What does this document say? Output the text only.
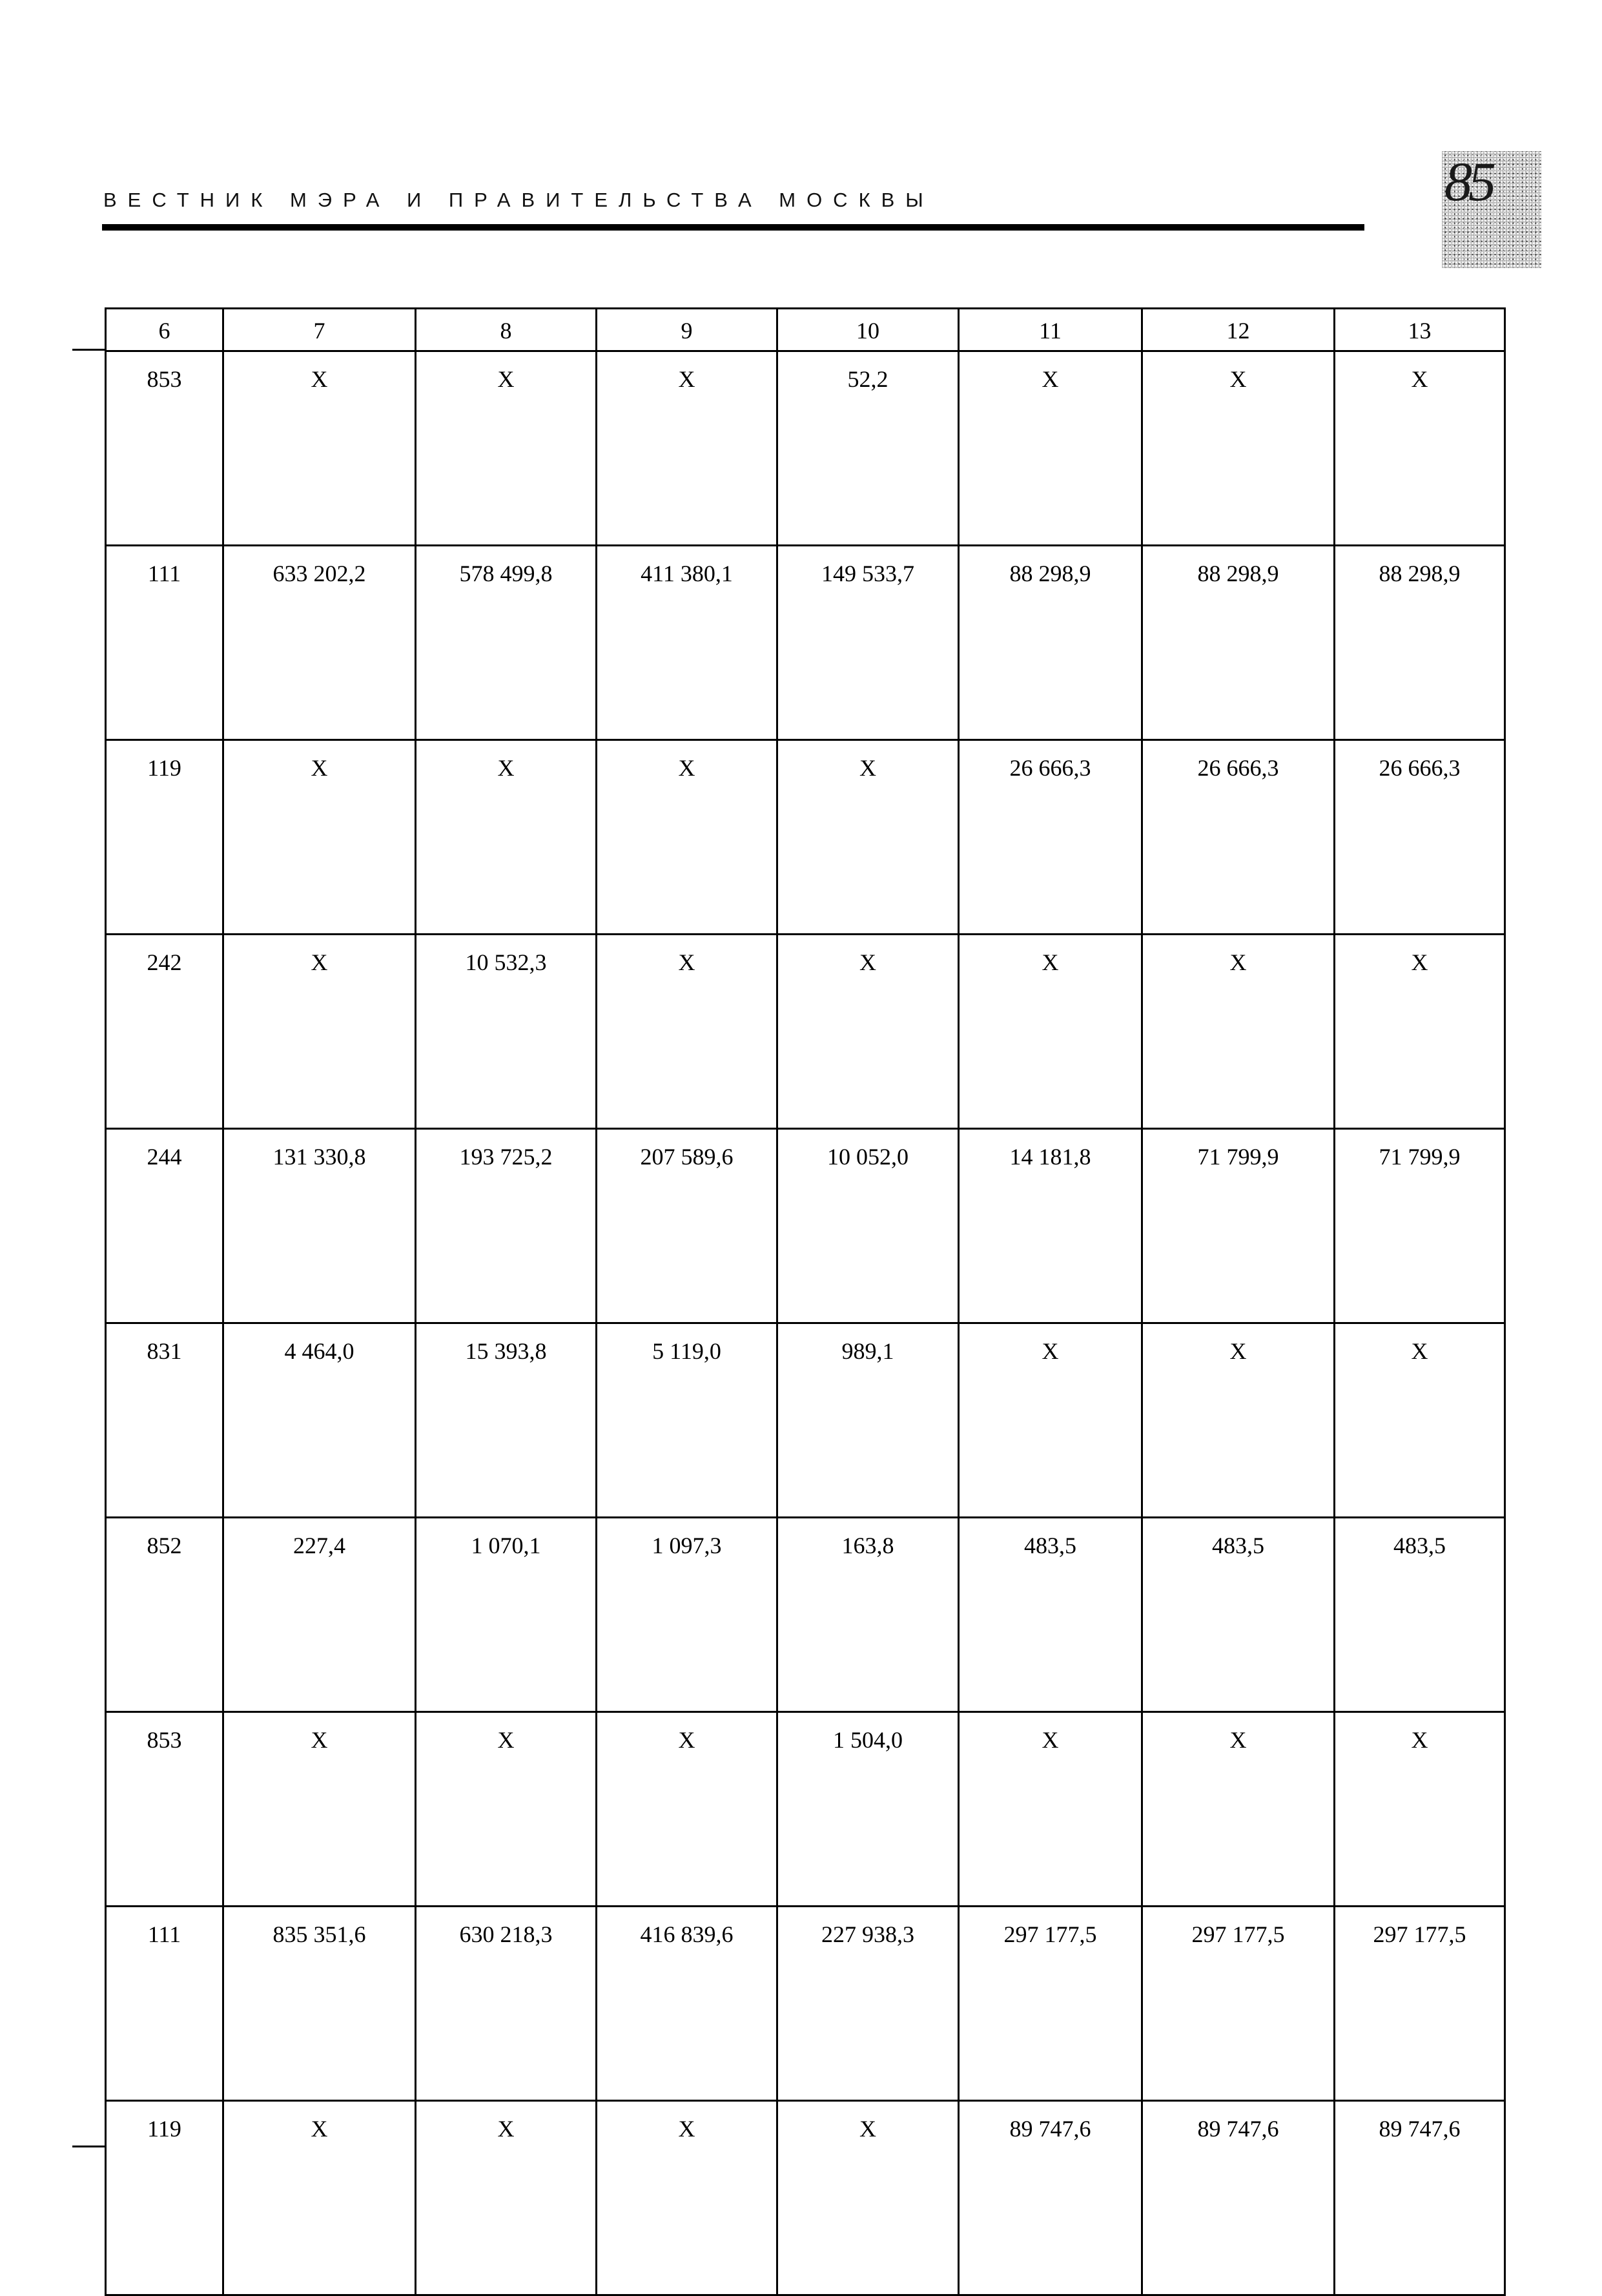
ВЕСТНИК МЭРА И ПРАВИТЕЛЬСТВА МОСКВЫ	85
6	7	8	9	10	11	12	13
853	X	X	X	52,2	X	X	X
111	633 202,2	578 499,8	411 380,1	149 533,7	88 298,9	88 298,9	88 298,9
119	X	X	X	X	26 666,3	26 666,3	26 666,3
242	X	10 532,3	X	X	X	X	X
244	131 330,8	193 725,2	207 589,6	10 052,0	14 181,8	71 799,9	71 799,9
831	4 464,0	15 393,8	5 119,0	989,1	X	X	X
852	227,4	1 070,1	1 097,3	163,8	483,5	483,5	483,5
853	X	X	X	1 504,0	X	X	X
111	835 351,6	630 218,3	416 839,6	227 938,3	297 177,5	297 177,5	297 177,5
119	X	X	X	X	89 747,6	89 747,6	89 747,6
